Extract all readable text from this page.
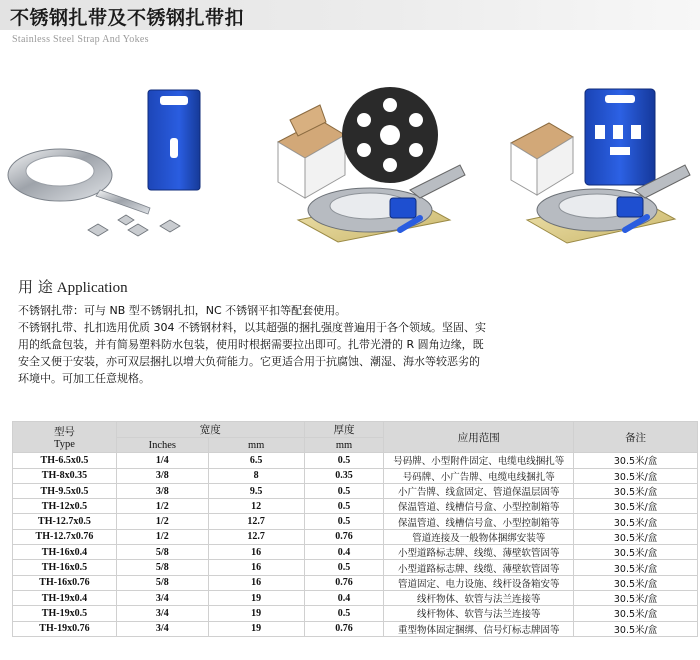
不锈钢扎带及不锈钢扎带扣
Stainless Steel Strap And Yokes
用 途 Application
不锈钢扎带：可与 NB 型不锈钢扎扣，NC 不锈钢平扣等配套使用。
不锈钢扎带、扎扣选用优质 304 不锈钢材料，以其超强的捆扎强度普遍用于各个领域。坚固、实用的纸盒包装，并有简易塑料防水包装，使用时根据需要拉出即可。扎带光滑的 R 圆角边缘，既安全又便于安装，亦可双层捆扎以增大负荷能力。它更适合用于抗腐蚀、潮湿、海水等较恶劣的环境中。可加工任意规格。
型号
Type	宽度		厚度	应用范围	备注
	Inches	mm	mm		
TH-6.5x0.5	1/4	6.5	0.5	号码牌、小型附件固定、电缆电线捆扎等	30.5米/盒
TH-8x0.35	3/8	8	0.35	号码牌、小广告牌、电缆电线捆扎等	30.5米/盒
TH-9.5x0.5	3/8	9.5	0.5	小广告牌、线盒固定、管道保温层固等	30.5米/盒
TH-12x0.5	1/2	12	0.5	保温管道、线槽信号盒、小型控制箱等	30.5米/盒
TH-12.7x0.5	1/2	12.7	0.5	保温管道、线槽信号盒、小型控制箱等	30.5米/盒
TH-12.7x0.76	1/2	12.7	0.76	管道连接及一般物体捆绑安装等	30.5米/盒
TH-16x0.4	5/8	16	0.4	小型道路标志牌、线缆、薄壁软管固等	30.5米/盒
TH-16x0.5	5/8	16	0.5	小型道路标志牌、线缆、薄壁软管固等	30.5米/盒
TH-16x0.76	5/8	16	0.76	管道固定、电力设施、线杆设备箱安等	30.5米/盒
TH-19x0.4	3/4	19	0.4	线杆物体、软管与法兰连接等	30.5米/盒
TH-19x0.5	3/4	19	0.5	线杆物体、软管与法兰连接等	30.5米/盒
TH-19x0.76	3/4	19	0.76	重型物体固定捆绑、信号灯标志牌固等	30.5米/盒
